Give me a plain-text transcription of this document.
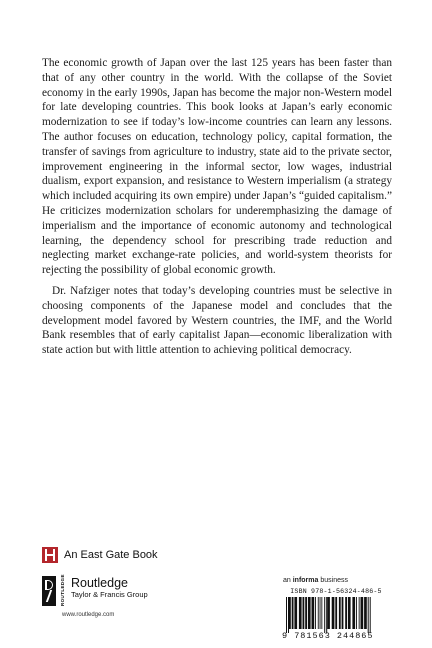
The economic growth of Japan over the last 125 years has been faster than that of any other country in the world. With the collapse of the Soviet economy in the early 1990s, Japan has become the major non-Western model for late developing countries. This book looks at Japan’s early economic modernization to see if today’s low-income countries can learn any lessons. The author focuses on education, technology policy, capital formation, the transfer of savings from agriculture to industry, state aid to the private sector, improvement engineering in the informal sector, low wages, industrial dualism, export expansion, and resistance to Western imperialism (a strategy which included acquiring its own empire) under Japan’s “guided capitalism.” He criticizes modernization scholars for underemphasizing the damage of imperialism and the importance of economic autonomy and technological learning, the dependency school for prescribing trade reduction and neglecting market exchange-rate policies, and world-system theorists for rejecting the possibility of global economic growth.

Dr. Nafziger notes that today’s developing countries must be selective in choosing components of the Japanese model and concludes that the development model favored by Western countries, the IMF, and the World Bank resembles that of early capitalist Japan—economic liberalization with state action but with little attention to achieving political democracy.

An East Gate Book
ROUTLEDGE Routledge
Taylor & Francis Group
www.routledge.com
an informa business
ISBN 978-1-56324-486-5
9 781563 244865
